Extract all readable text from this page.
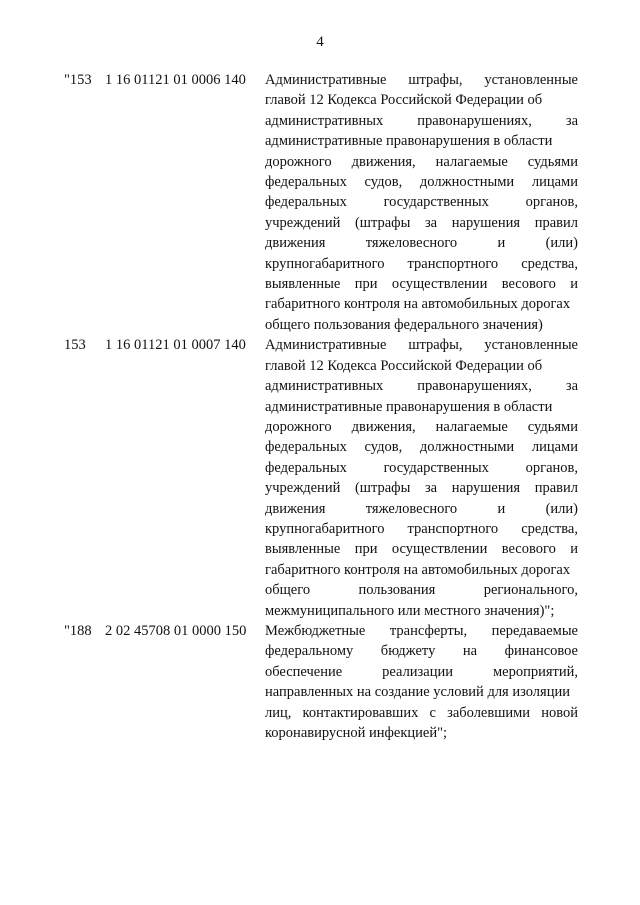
4
"153 1 16 01121 01 0006 140 Административные штрафы, установленные
главой 12 Кодекса Российской Федерации об
административных правонарушениях, за
административные правонарушения в области
дорожного движения, налагаемые судьями
федеральных судов, должностными лицами
федеральных государственных органов,
учреждений (штрафы за нарушения правил
движения тяжеловесного и (или)
крупногабаритного транспортного средства,
выявленные при осуществлении весового и
габаритного контроля на автомобильных дорогах
общего пользования федерального значения)
153 1 16 01121 01 0007 140 Административные штрафы, установленные
главой 12 Кодекса Российской Федерации об
административных правонарушениях, за
административные правонарушения в области
дорожного движения, налагаемые судьями
федеральных судов, должностными лицами
федеральных государственных органов,
учреждений (штрафы за нарушения правил
движения тяжеловесного и (или)
крупногабаритного транспортного средства,
выявленные при осуществлении весового и
габаритного контроля на автомобильных дорогах
общего пользования регионального,
межмуниципального или местного значения)";
"188 2 02 45708 01 0000 150 Межбюджетные трансферты, передаваемые
федеральному бюджету на финансовое
обеспечение реализации мероприятий,
направленных на создание условий для изоляции
лиц, контактировавших с заболевшими новой
коронавирусной инфекцией";
